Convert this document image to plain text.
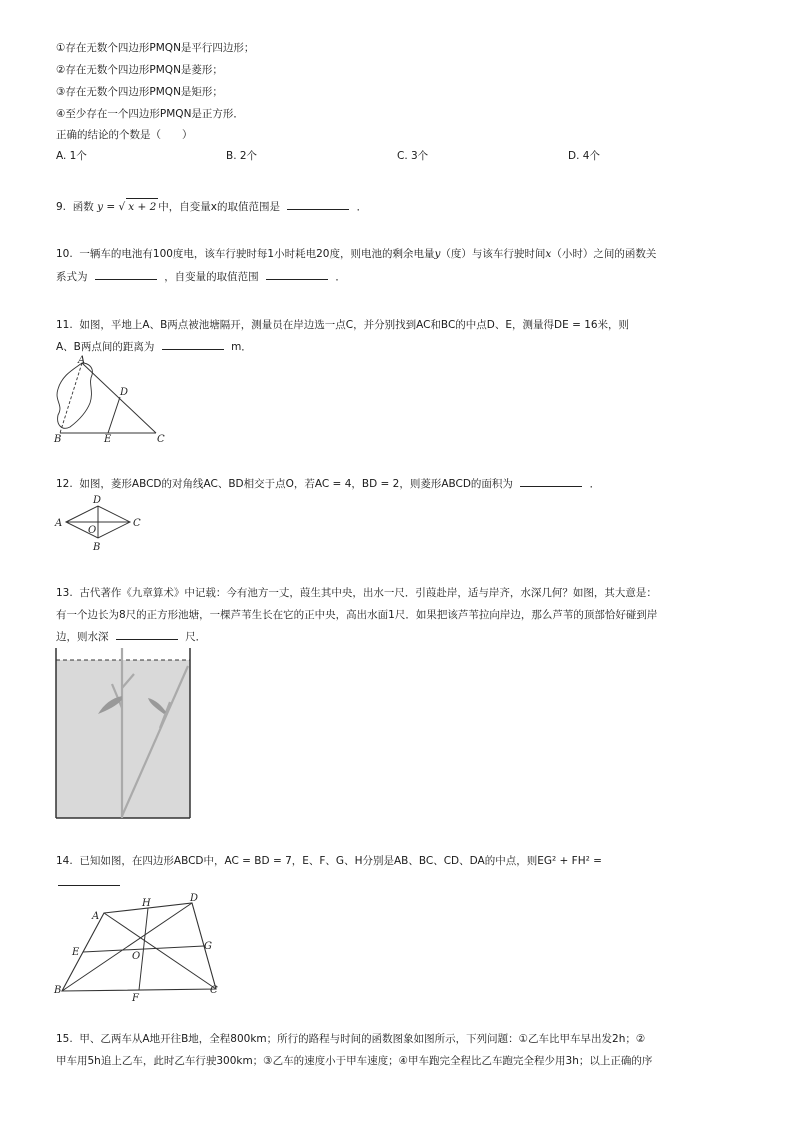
①存在无数个四边形PMQN是平行四边形；
②存在无数个四边形PMQN是菱形；
③存在无数个四边形PMQN是矩形；
④至少存在一个四边形PMQN是正方形．
正确的结论的个数是（　　）
A. 1个	B. 2个	C. 3个	D. 4个
9. 函数 y = √ x + 2 中，自变量x的取值范围是	．
10. 一辆车的电池有100度电，该车行驶时每1小时耗电20度，则电池的剩余电量y（度）与该车行驶时间x（小时）之间的函数关
系式为	，自变量的取值范围	．
11. 如图，平地上A、B两点被池塘隔开，测量员在岸边选一点C，并分别找到AC和BC的中点D、E，测量得DE = 16米，则
A、B两点间的距离为	m．
A
B	C
D
E
12. 如图，菱形ABCD的对角线AC、BD相交于点O，若AC = 4，BD = 2，则菱形ABCD的面积为	．
A	C
D
B
O
13. 古代著作《九章算术》中记载：今有池方一丈，葭生其中央，出水一尺．引葭赴岸，适与岸齐，水深几何？如图，其大意是：
有一个边长为8尺的正方形池塘，一棵芦苇生长在它的正中央，高出水面1尺．如果把该芦苇拉向岸边，那么芦苇的顶部恰好碰到岸
边，则水深	尺．
14. 已知如图，在四边形ABCD中，AC = BD = 7，E、F、G、H分别是AB、BC、CD、DA的中点，则EG² + FH² =
A
D
H
E
G
O
B
F
C
15. 甲、乙两车从A地开往B地，全程800km；所行的路程与时间的函数图象如图所示，下列问题：①乙车比甲车早出发2h；②
甲车用5h追上乙车，此时乙车行驶300km；③乙车的速度小于甲车速度；④甲车跑完全程比乙车跑完全程少用3h；以上正确的序
